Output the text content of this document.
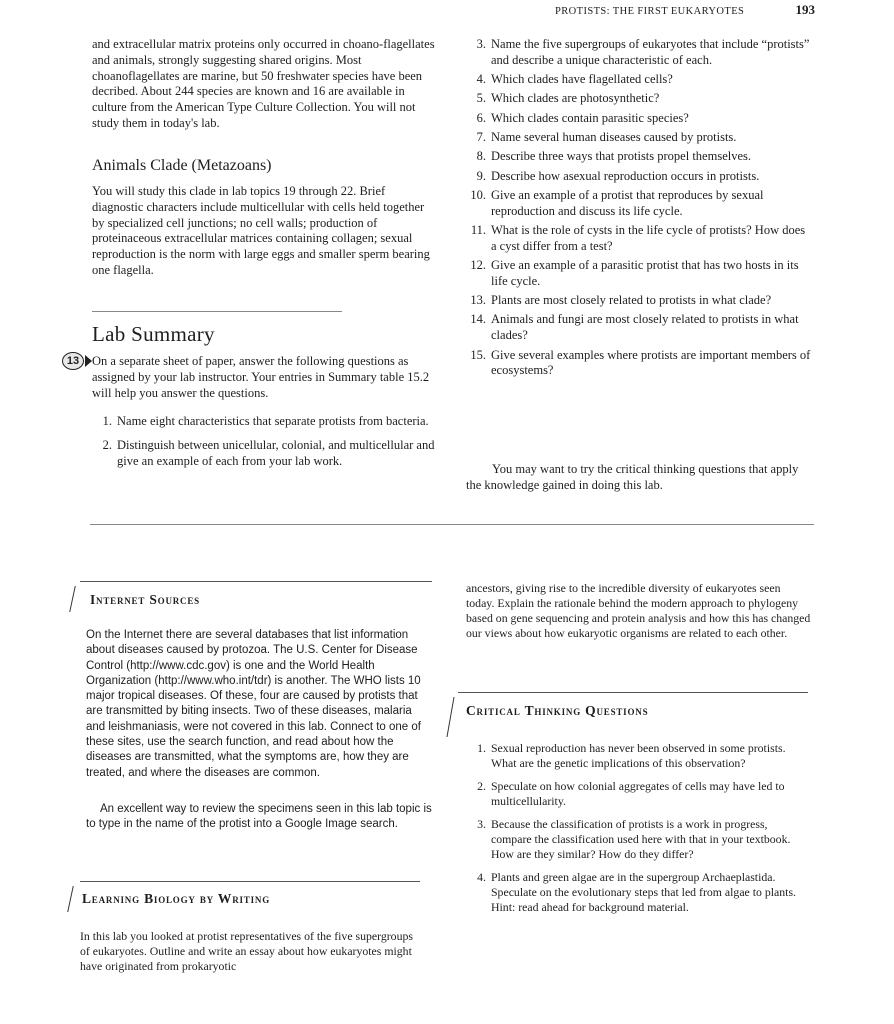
PROTISTS: THE FIRST EUKARYOTES	193
and extracellular matrix proteins only occurred in choano-flagellates and animals, strongly suggesting shared origins. Most choanoflagellates are marine, but 50 freshwater species have been decribed. About 244 species are known and 16 are available in culture from the American Type Culture Collection. You will not study them in today's lab.
Animals Clade (Metazoans)
You will study this clade in lab topics 19 through 22. Brief diagnostic characters include multicellular with cells held together by specialized cell junctions; no cell walls; production of proteinaceous extracellular matrices containing collagen; sexual reproduction is the norm with large eggs and smaller sperm bearing one flagella.
Lab Summary
13	On a separate sheet of paper, answer the following questions as assigned by your lab instructor. Your entries in Summary table 15.2 will help you answer the questions.
1. Name eight characteristics that separate protists from bacteria.
2. Distinguish between unicellular, colonial, and multicellular and give an example of each from your lab work.
3. Name the five supergroups of eukaryotes that include “protists” and describe a unique characteristic of each.
4. Which clades have flagellated cells?
5. Which clades are photosynthetic?
6. Which clades contain parasitic species?
7. Name several human diseases caused by protists.
8. Describe three ways that protists propel themselves.
9. Describe how asexual reproduction occurs in protists.
10. Give an example of a protist that reproduces by sexual reproduction and discuss its life cycle.
11. What is the role of cysts in the life cycle of protists? How does a cyst differ from a test?
12. Give an example of a parasitic protist that has two hosts in its life cycle.
13. Plants are most closely related to protists in what clade?
14. Animals and fungi are most closely related to protists in what clades?
15. Give several examples where protists are important members of ecosystems?
You may want to try the critical thinking questions that apply the knowledge gained in doing this lab.
Internet Sources
On the Internet there are several databases that list information about diseases caused by protozoa. The U.S. Center for Disease Control (http://www.cdc.gov) is one and the World Health Organization (http://www.who.int/tdr) is another. The WHO lists 10 major tropical diseases. Of these, four are caused by protists that are transmitted by biting insects. Two of these diseases, malaria and leishmaniasis, were not covered in this lab. Connect to one of these sites, use the search function, and read about how the diseases are transmitted, what the symptoms are, how they are treated, and where the diseases are common.
An excellent way to review the specimens seen in this lab topic is to type in the name of the protist into a Google Image search.
Learning Biology by Writing
In this lab you looked at protist representatives of the five supergroups of eukaryotes. Outline and write an essay about how eukaryotes might have originated from prokaryotic
ancestors, giving rise to the incredible diversity of eukaryotes seen today. Explain the rationale behind the modern approach to phylogeny based on gene sequencing and protein analysis and how this has changed our views about how eukaryotic organisms are related to each other.
Critical Thinking Questions
1. Sexual reproduction has never been observed in some protists. What are the genetic implications of this observation?
2. Speculate on how colonial aggregates of cells may have led to multicellularity.
3. Because the classification of protists is a work in progress, compare the classification used here with that in your textbook. How are they similar? How do they differ?
4. Plants and green algae are in the supergroup Archaeplastida. Speculate on the evolutionary steps that led from algae to plants. Hint: read ahead for background material.
